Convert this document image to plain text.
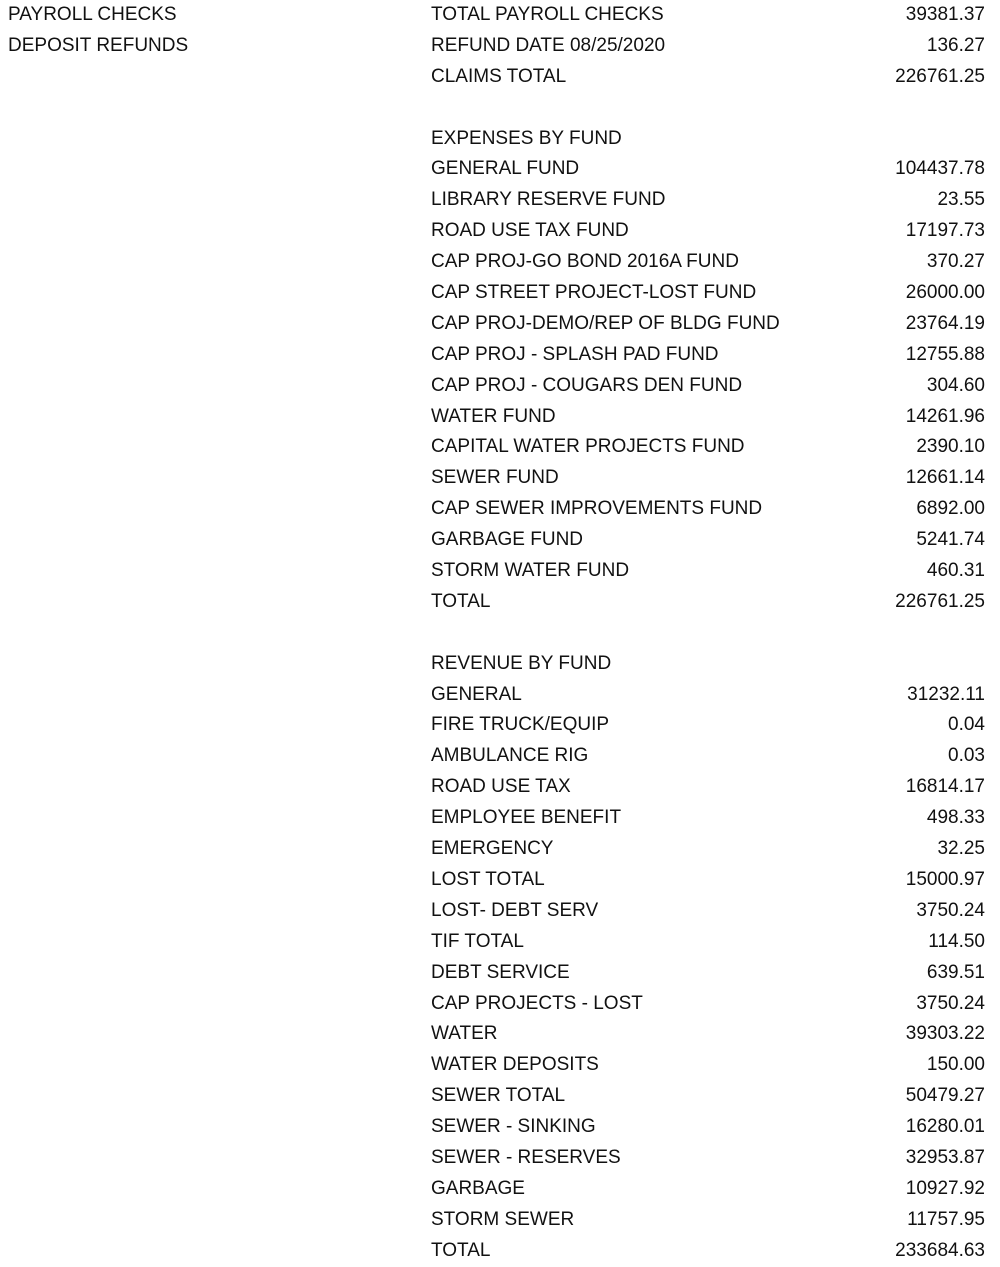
PAYROLL CHECKS	TOTAL PAYROLL CHECKS	39381.37
DEPOSIT REFUNDS	REFUND DATE 08/25/2020	136.27
CLAIMS TOTAL	226761.25
EXPENSES BY FUND
GENERAL FUND	104437.78
LIBRARY RESERVE FUND	23.55
ROAD USE TAX FUND	17197.73
CAP PROJ-GO BOND 2016A FUND	370.27
CAP STREET PROJECT-LOST FUND	26000.00
CAP PROJ-DEMO/REP OF BLDG FUND	23764.19
CAP PROJ - SPLASH PAD FUND	12755.88
CAP PROJ - COUGARS DEN FUND	304.60
WATER FUND	14261.96
CAPITAL WATER PROJECTS FUND	2390.10
SEWER FUND	12661.14
CAP SEWER IMPROVEMENTS FUND	6892.00
GARBAGE FUND	5241.74
STORM WATER FUND	460.31
TOTAL	226761.25
REVENUE BY FUND
GENERAL	31232.11
FIRE TRUCK/EQUIP	0.04
AMBULANCE RIG	0.03
ROAD USE TAX	16814.17
EMPLOYEE BENEFIT	498.33
EMERGENCY	32.25
LOST TOTAL	15000.97
LOST- DEBT SERV	3750.24
TIF TOTAL	114.50
DEBT SERVICE	639.51
CAP PROJECTS - LOST	3750.24
WATER	39303.22
WATER DEPOSITS	150.00
SEWER TOTAL	50479.27
SEWER - SINKING	16280.01
SEWER - RESERVES	32953.87
GARBAGE	10927.92
STORM SEWER	11757.95
TOTAL	233684.63
